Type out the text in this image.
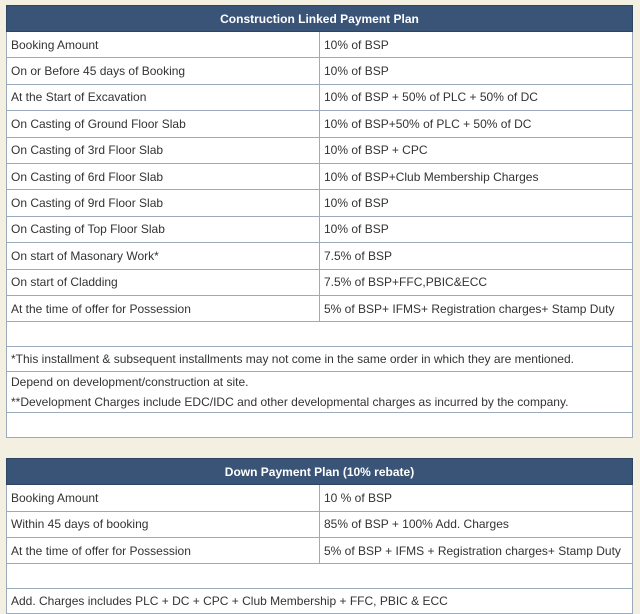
Construction Linked Payment Plan	
Booking Amount	10% of BSP
On or Before 45 days of Booking	10% of BSP
At the Start of Excavation	10% of BSP + 50% of PLC + 50% of DC
On Casting of Ground Floor Slab	10% of BSP+50% of PLC + 50% of DC
On Casting of 3rd Floor Slab	10% of BSP + CPC
On Casting of 6rd Floor Slab	10% of BSP+Club Membership Charges
On Casting of 9rd Floor Slab	10% of BSP
On Casting of Top Floor Slab	10% of BSP
On start of Masonary Work*	7.5% of BSP
On start of Cladding	7.5% of BSP+FFC,PBIC&ECC
At the time of offer for Possession	5% of BSP+ IFMS+ Registration charges+ Stamp Duty

*This installment & subsequent installments may not come in the same order in which they are mentioned.	

Depend on development/construction at site.
**Development Charges include EDC/IDC and other developmental charges as incurred by the company.	

Down Payment Plan (10% rebate)	
Booking Amount	10 % of BSP
Within 45 days of booking	85% of BSP + 100% Add. Charges
At the time of offer for Possession	5% of BSP + IFMS + Registration charges+ Stamp Duty

Add. Charges includes PLC + DC + CPC + Club Membership + FFC, PBIC & ECC	
